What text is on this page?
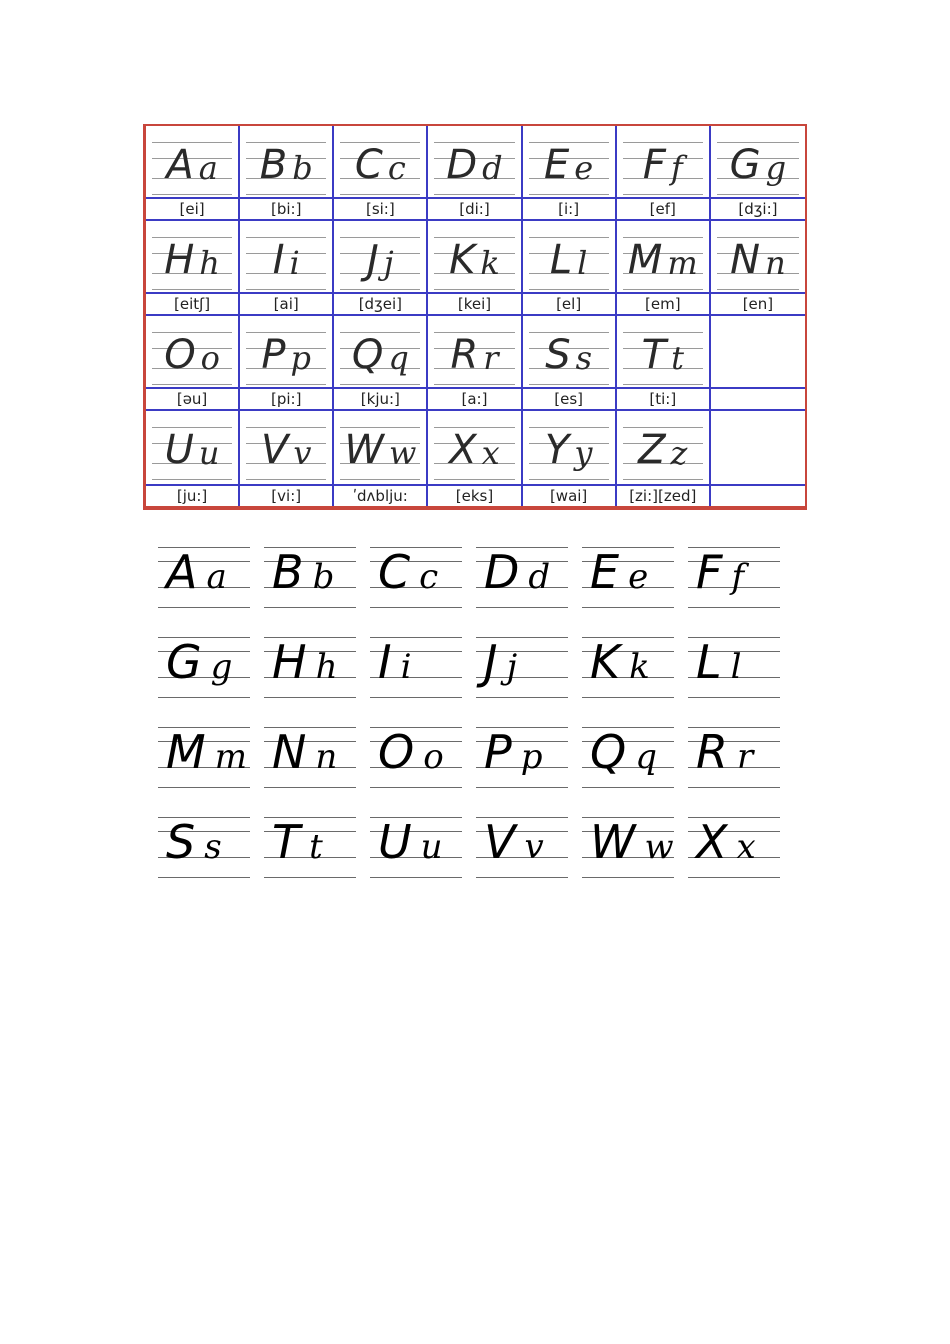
A a
[ei]
B b
[bi:]
C c
[si:]
D d
[di:]
E e
[i:]
F f
[ef]
G g
[dʒi:]
H h
[eitʃ]
I i
[ai]
J j
[dʒei]
K k
[kei]
L l
[el]
M m
[em]
N n
[en]
O o
[əu]
P p
[pi:]
Q q
[kju:]
R r
[a:]
S s
[es]
T t
[ti:]
U u
[ju:]
V v
[vi:]
W w
ʹdʌblju:
X x
[eks]
Y y
[wai]
Z z
[zi:][zed]
A a B b C c D d E e F f
G g H h I i J j K k L l
M m N n O o P p Q q R r
S s T t U u V v W w X x
